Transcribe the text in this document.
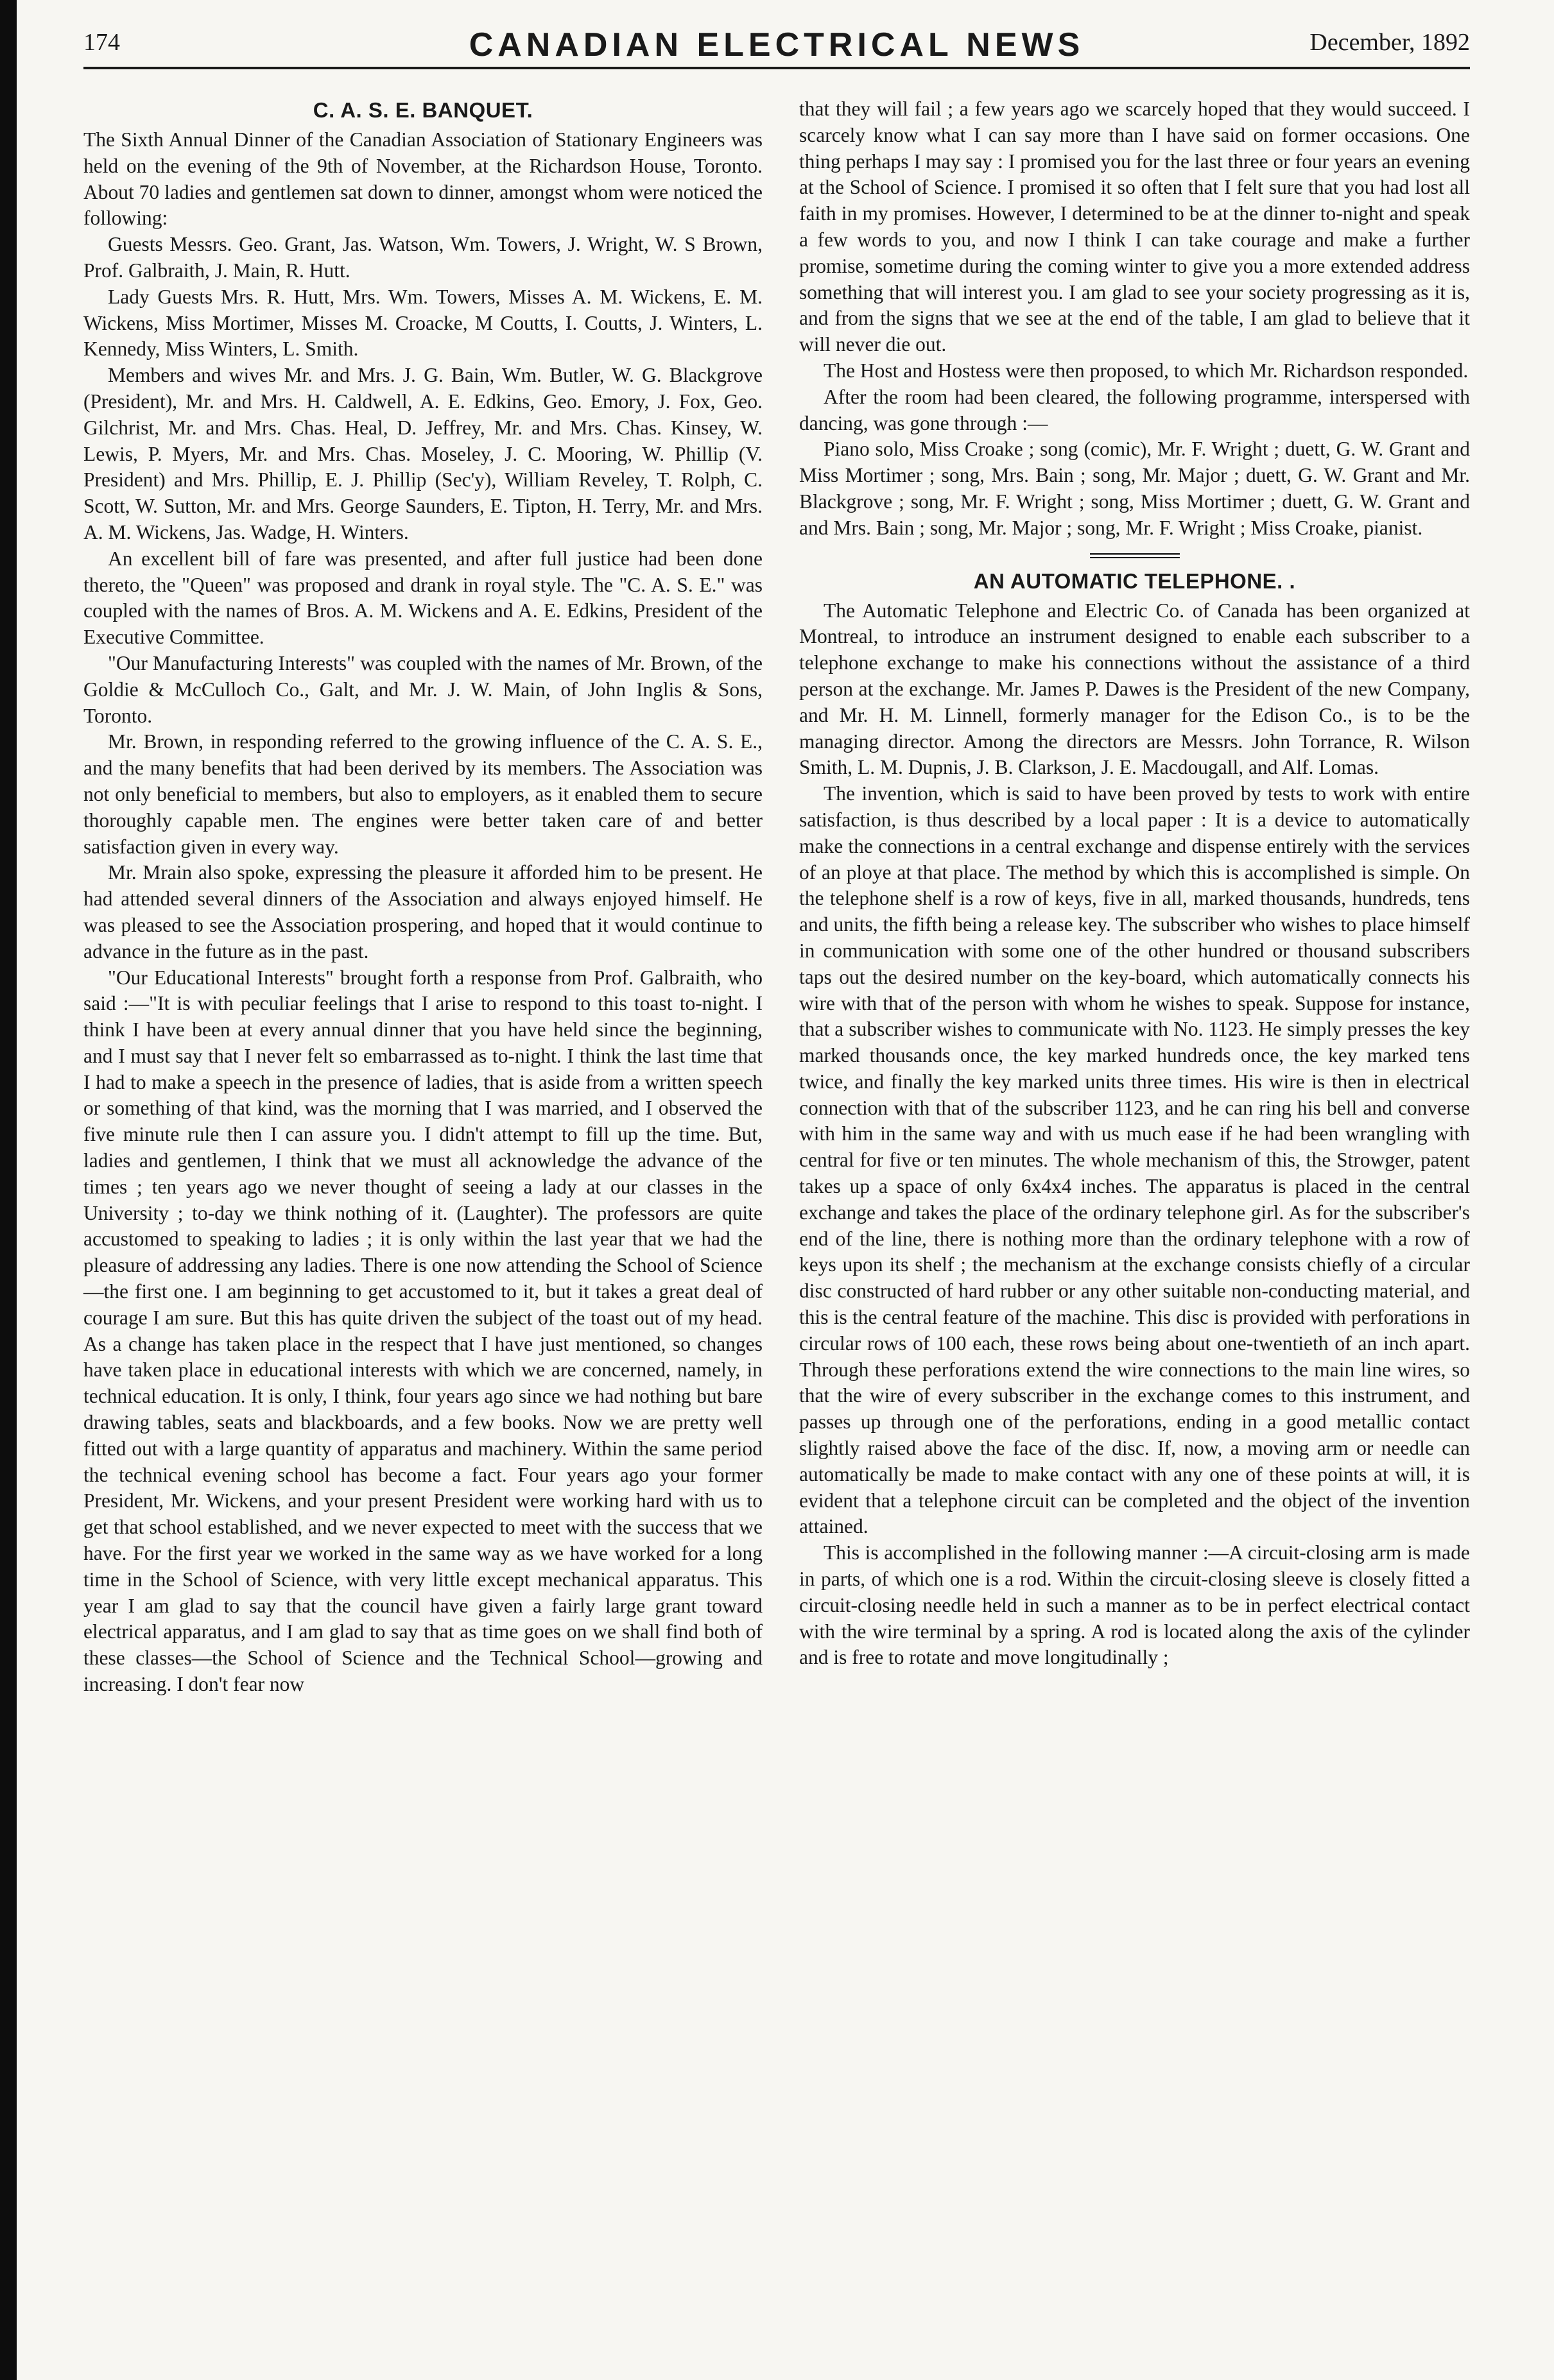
174	CANADIAN ELECTRICAL NEWS	December, 1892
C. A. S. E. BANQUET.

The Sixth Annual Dinner of the Canadian Association of Stationary Engineers was held on the evening of the 9th of November, at the Richardson House, Toronto. About 70 ladies and gentlemen sat down to dinner, amongst whom were noticed the following:

Guests Messrs. Geo. Grant, Jas. Watson, Wm. Towers, J. Wright, W. S Brown, Prof. Galbraith, J. Main, R. Hutt.

Lady Guests Mrs. R. Hutt, Mrs. Wm. Towers, Misses A. M. Wickens, E. M. Wickens, Miss Mortimer, Misses M. Croacke, M Coutts, I. Coutts, J. Winters, L. Kennedy, Miss Winters, L. Smith.

Members and wives Mr. and Mrs. J. G. Bain, Wm. Butler, W. G. Blackgrove (President), Mr. and Mrs. H. Caldwell, A. E. Edkins, Geo. Emory, J. Fox, Geo. Gilchrist, Mr. and Mrs. Chas. Heal, D. Jeffrey, Mr. and Mrs. Chas. Kinsey, W. Lewis, P. Myers, Mr. and Mrs. Chas. Moseley, J. C. Mooring, W. Phillip (V. President) and Mrs. Phillip, E. J. Phillip (Sec'y), William Reveley, T. Rolph, C. Scott, W. Sutton, Mr. and Mrs. George Saunders, E. Tipton, H. Terry, Mr. and Mrs. A. M. Wickens, Jas. Wadge, H. Winters.

An excellent bill of fare was presented, and after full justice had been done thereto, the "Queen" was proposed and drank in royal style. The "C. A. S. E." was coupled with the names of Bros. A. M. Wickens and A. E. Edkins, President of the Executive Committee.

"Our Manufacturing Interests" was coupled with the names of Mr. Brown, of the Goldie & McCulloch Co., Galt, and Mr. J. W. Main, of John Inglis & Sons, Toronto.

Mr. Brown, in responding referred to the growing influence of the C. A. S. E., and the many benefits that had been derived by its members. The Association was not only beneficial to members, but also to employers, as it enabled them to secure thoroughly capable men. The engines were better taken care of and better satisfaction given in every way.

Mr. Mrain also spoke, expressing the pleasure it afforded him to be present. He had attended several dinners of the Association and always enjoyed himself. He was pleased to see the Association prospering, and hoped that it would continue to advance in the future as in the past.

"Our Educational Interests" brought forth a response from Prof. Galbraith, who said :—"It is with peculiar feelings that I arise to respond to this toast to-night. I think I have been at every annual dinner that you have held since the beginning, and I must say that I never felt so embarrassed as to-night. I think the last time that I had to make a speech in the presence of ladies, that is aside from a written speech or something of that kind, was the morning that I was married, and I observed the five minute rule then I can assure you. I didn't attempt to fill up the time. But, ladies and gentlemen, I think that we must all acknowledge the advance of the times ; ten years ago we never thought of seeing a lady at our classes in the University ; to-day we think nothing of it. (Laughter). The professors are quite accustomed to speaking to ladies ; it is only within the last year that we had the pleasure of addressing any ladies. There is one now attending the School of Science—the first one. I am beginning to get accustomed to it, but it takes a great deal of courage I am sure. But this has quite driven the subject of the toast out of my head. As a change has taken place in the respect that I have just mentioned, so changes have taken place in educational interests with which we are concerned, namely, in technical education. It is only, I think, four years ago since we had nothing but bare drawing tables, seats and blackboards, and a few books. Now we are pretty well fitted out with a large quantity of apparatus and machinery. Within the same period the technical evening school has become a fact. Four years ago your former President, Mr. Wickens, and your present President were working hard with us to get that school established, and we never expected to meet with the success that we have. For the first year we worked in the same way as we have worked for a long time in the School of Science, with very little except mechanical apparatus. This year I am glad to say that the council have given a fairly large grant toward electrical apparatus, and I am glad to say that as time goes on we shall find both of these classes—the School of Science and the Technical School—growing and increasing. I don't fear now

that they will fail ; a few years ago we scarcely hoped that they would succeed. I scarcely know what I can say more than I have said on former occasions. One thing perhaps I may say : I promised you for the last three or four years an evening at the School of Science. I promised it so often that I felt sure that you had lost all faith in my promises. However, I determined to be at the dinner to-night and speak a few words to you, and now I think I can take courage and make a further promise, sometime during the coming winter to give you a more extended address something that will interest you. I am glad to see your society progressing as it is, and from the signs that we see at the end of the table, I am glad to believe that it will never die out.

The Host and Hostess were then proposed, to which Mr. Richardson responded.

After the room had been cleared, the following programme, interspersed with dancing, was gone through :—

Piano solo, Miss Croake ; song (comic), Mr. F. Wright ; duett, G. W. Grant and Miss Mortimer ; song, Mrs. Bain ; song, Mr. Major ; duett, G. W. Grant and Mr. Blackgrove ; song, Mr. F. Wright ; song, Miss Mortimer ; duett, G. W. Grant and and Mrs. Bain ; song, Mr. Major ; song, Mr. F. Wright ; Miss Croake, pianist.

AN AUTOMATIC TELEPHONE. .

The Automatic Telephone and Electric Co. of Canada has been organized at Montreal, to introduce an instrument designed to enable each subscriber to a telephone exchange to make his connections without the assistance of a third person at the exchange. Mr. James P. Dawes is the President of the new Company, and Mr. H. M. Linnell, formerly manager for the Edison Co., is to be the managing director. Among the directors are Messrs. John Torrance, R. Wilson Smith, L. M. Dupnis, J. B. Clarkson, J. E. Macdougall, and Alf. Lomas.

The invention, which is said to have been proved by tests to work with entire satisfaction, is thus described by a local paper : It is a device to automatically make the connections in a central exchange and dispense entirely with the services of an ploye at that place. The method by which this is accomplished is simple. On the telephone shelf is a row of keys, five in all, marked thousands, hundreds, tens and units, the fifth being a release key. The subscriber who wishes to place himself in communication with some one of the other hundred or thousand subscribers taps out the desired number on the key-board, which automatically connects his wire with that of the person with whom he wishes to speak. Suppose for instance, that a subscriber wishes to communicate with No. 1123. He simply presses the key marked thousands once, the key marked hundreds once, the key marked tens twice, and finally the key marked units three times. His wire is then in electrical connection with that of the subscriber 1123, and he can ring his bell and converse with him in the same way and with us much ease if he had been wrangling with central for five or ten minutes. The whole mechanism of this, the Strowger, patent takes up a space of only 6x4x4 inches. The apparatus is placed in the central exchange and takes the place of the ordinary telephone girl. As for the subscriber's end of the line, there is nothing more than the ordinary telephone with a row of keys upon its shelf ; the mechanism at the exchange consists chiefly of a circular disc constructed of hard rubber or any other suitable non-conducting material, and this is the central feature of the machine. This disc is provided with perforations in circular rows of 100 each, these rows being about one-twentieth of an inch apart. Through these perforations extend the wire connections to the main line wires, so that the wire of every subscriber in the exchange comes to this instrument, and passes up through one of the perforations, ending in a good metallic contact slightly raised above the face of the disc. If, now, a moving arm or needle can automatically be made to make contact with any one of these points at will, it is evident that a telephone circuit can be completed and the object of the invention attained.

This is accomplished in the following manner :—A circuit-closing arm is made in parts, of which one is a rod. Within the circuit-closing sleeve is closely fitted a circuit-closing needle held in such a manner as to be in perfect electrical contact with the wire terminal by a spring. A rod is located along the axis of the cylinder and is free to rotate and move longitudinally ;
